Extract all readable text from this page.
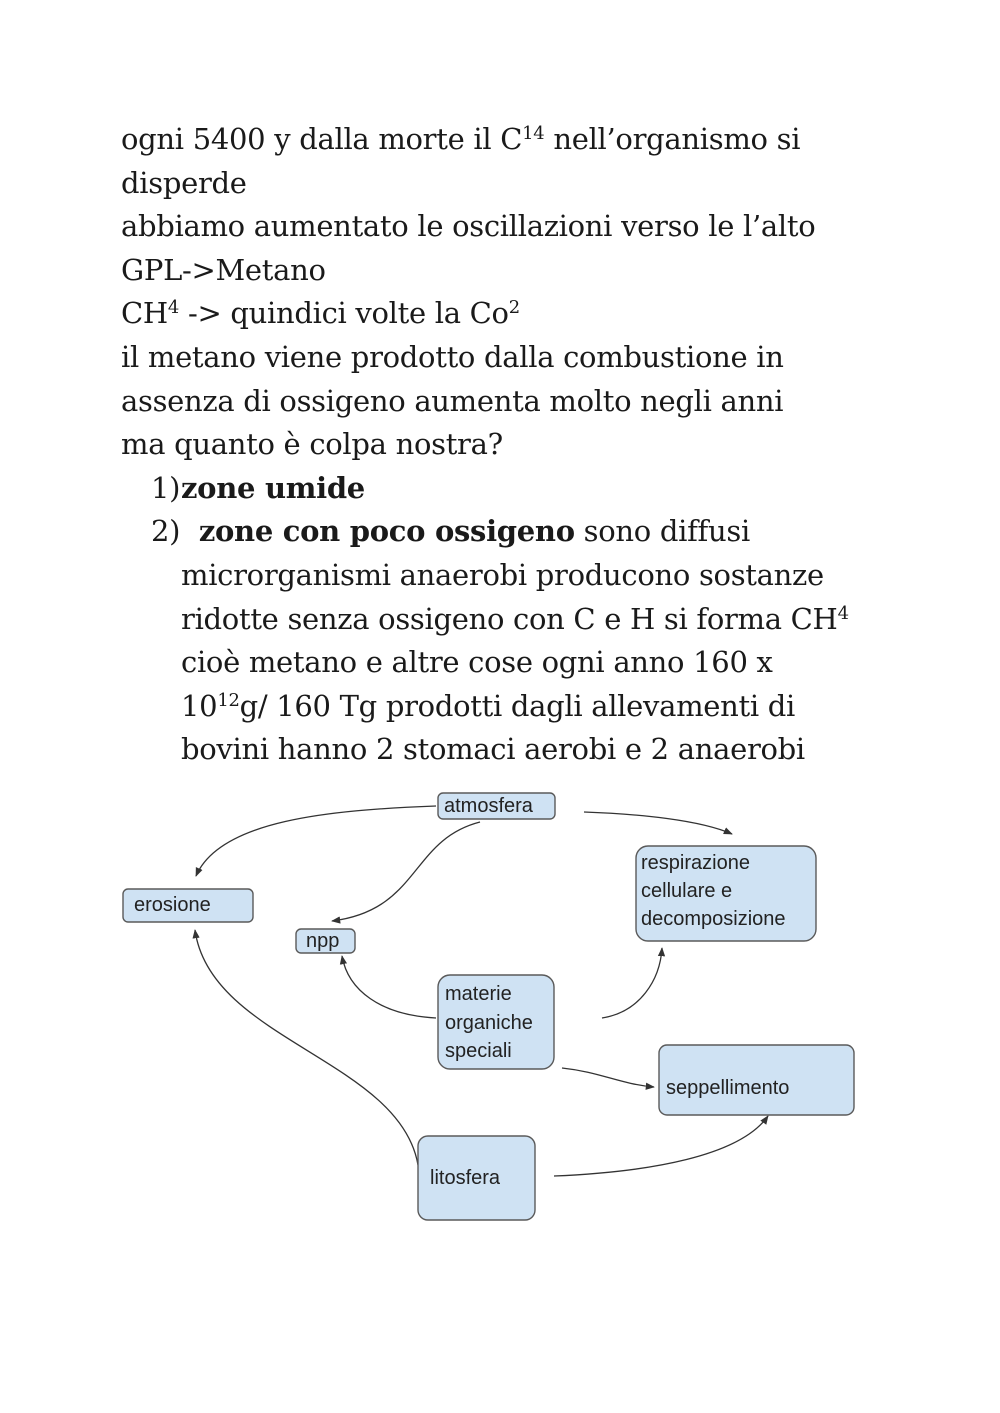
ogni 5400 y dalla morte il $C^{14}$ nell’organismo si
disperde
abbiamo aumentato le oscillazioni verso le l’alto
GPL->Metano
$CH^4$ -> quindici volte la Co$^2$
il metano viene prodotto dalla combustione in
assenza di ossigeno aumenta molto negli anni
ma quanto è colpa nostra?
1) zone umide
2) zone con poco ossigeno sono diffusi
microrganismi anaerobi producono sostanze
ridotte senza ossigeno con C e H si forma $CH^4$
cioè metano e altre cose ogni anno 160 x
$10^{12}g/$ 160 Tg prodotti dagli allevamenti di
bovini hanno 2 stomaci aerobi e 2 anaerobi
atmosfera
erosione
npp
respirazione
cellulare e
decomposizione
materie
organiche
speciali
seppellimento
litosfera
